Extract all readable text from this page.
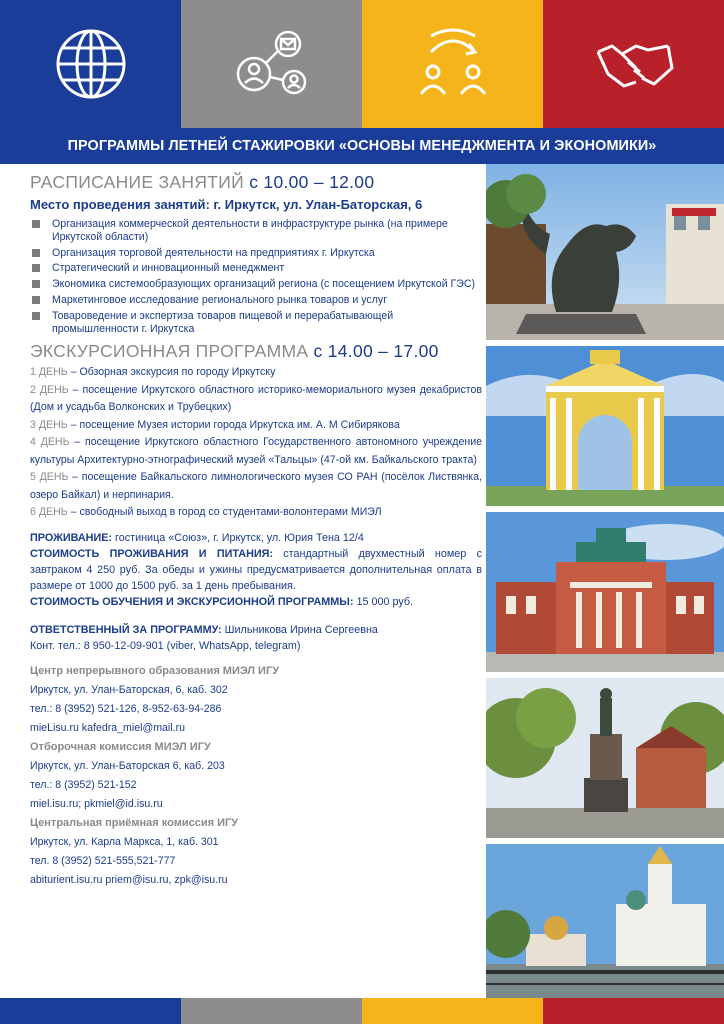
ПРОГРАММЫ ЛЕТНЕЙ СТАЖИРОВКИ «ОСНОВЫ МЕНЕДЖМЕНТА И ЭКОНОМИКИ»
РАСПИСАНИЕ ЗАНЯТИЙ с 10.00 – 12.00
Место проведения занятий: г. Иркутск, ул. Улан-Баторская, 6
Организация коммерческой деятельности в инфраструктуре рынка (на примере Иркутской области)
Организация торговой деятельности на предприятиях г. Иркутска
Стратегический и инновационный менеджмент
Экономика системообразующих организаций региона (с посещением Иркутской ГЭС)
Маркетинговое исследование регионального рынка товаров и услуг
Товароведение и экспертиза товаров пищевой и перерабатывающей промышленности г. Иркутска
ЭКСКУРСИОННАЯ ПРОГРАММА с 14.00 – 17.00
1 ДЕНЬ – Обзорная экскурсия по городу Иркутску
2 ДЕНЬ – посещение Иркутского областного историко-мемориального музея декабристов (Дом и усадьба Волконских и Трубецких)
3 ДЕНЬ – посещение Музея истории города Иркутска им. А. М Сибирякова
4 ДЕНЬ – посещение Иркутского областного Государственного автономного учреждение культуры Архитектурно-этнографический музей «Тальцы» (47-ой км. Байкальского тракта)
5 ДЕНЬ – посещение Байкальского лимнологического музея СО РАН (посёлок Листвянка, озеро Байкал) и нерпинария.
6 ДЕНЬ – свободный выход в город со студентами-волонтерами МИЭЛ
ПРОЖИВАНИЕ: гостиница «Союз», г. Иркутск, ул. Юрия Тена 12/4
СТОИМОСТЬ ПРОЖИВАНИЯ И ПИТАНИЯ: стандартный двухместный номер с завтраком 4 250 руб. За обеды и ужины предусматривается дополнительная оплата в размере от 1000 до 1500 руб. за 1 день пребывания.
СТОИМОСТЬ ОБУЧЕНИЯ И ЭКСКУРСИОННОЙ ПРОГРАММЫ: 15 000 руб.
ОТВЕТСТВЕННЫЙ ЗА ПРОГРАММУ: Шильникова Ирина Сергеевна
Конт. тел.: 8 950-12-09-901 (viber, WhatsApp, telegram)
Центр непрерывного образования МИЭЛ ИГУ
Иркутск, ул. Улан-Баторская, 6, каб. 302
тел.: 8 (3952) 521-126, 8-952-63-94-286
mieLisu.ru kafedra_miel@mail.ru
Отборочная комиссия МИЭЛ ИГУ
Иркутск, ул. Улан-Баторская 6, каб. 203
тел.: 8 (3952) 521-152
miel.isu.ru; pkmiel@id.isu.ru
Центральная приёмная комиссия ИГУ
Иркутск, ул. Карла Маркса, 1, каб. 301
тел. 8 (3952) 521-555,521-777
abiturient.isu.ru priem@isu.ru, zpk@isu.ru
